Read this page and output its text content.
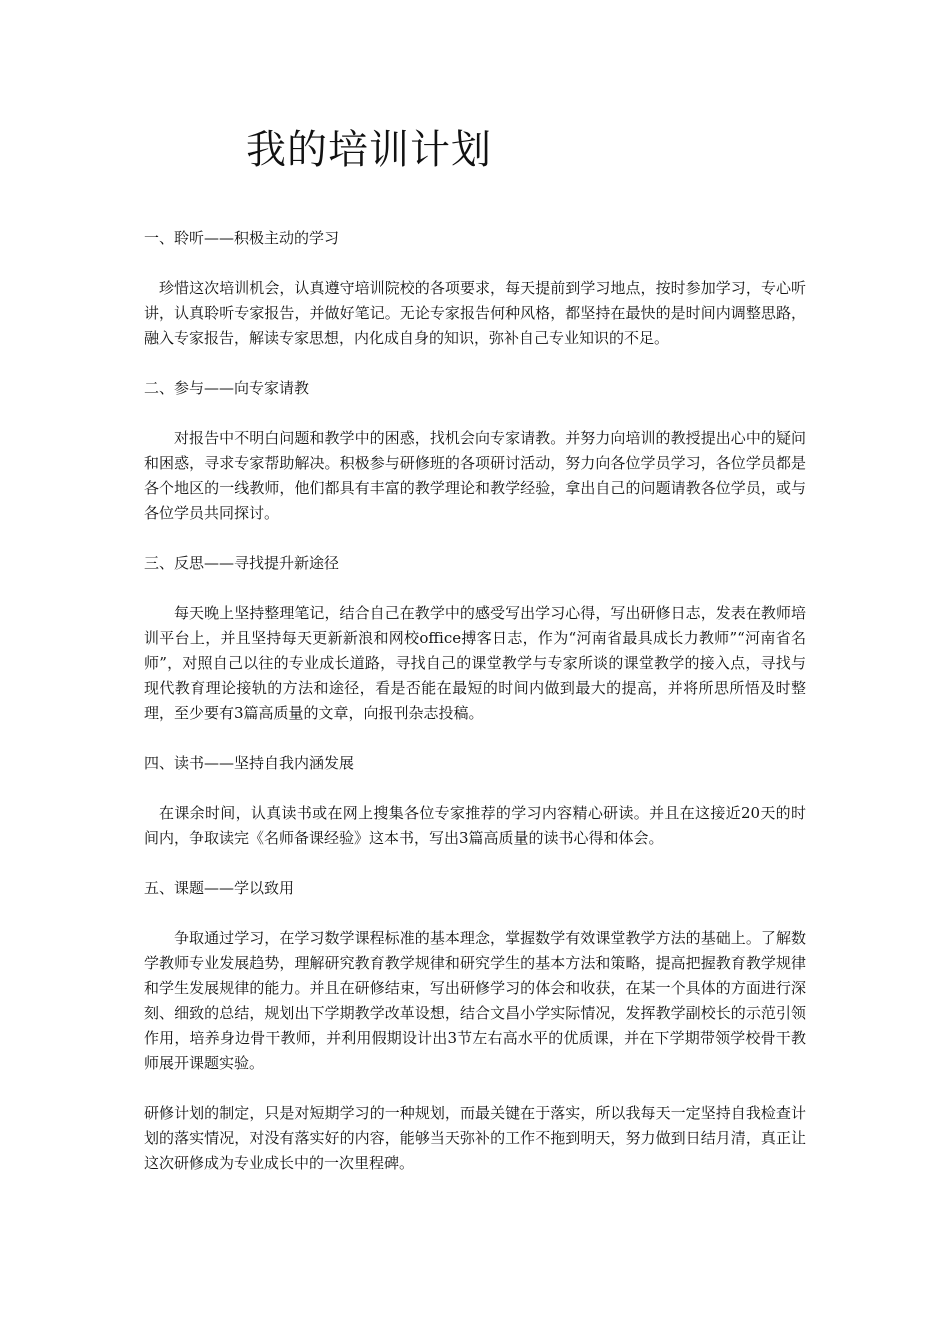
我的培训计划

一、聆听——积极主动的学习

珍惜这次培训机会，认真遵守培训院校的各项要求，每天提前到学习地点，按时参加学习，专心听讲，认真聆听专家报告，并做好笔记。无论专家报告何种风格，都坚持在最快的是时间内调整思路，融入专家报告，解读专家思想，内化成自身的知识，弥补自己专业知识的不足。

二、参与——向专家请教

对报告中不明白问题和教学中的困惑，找机会向专家请教。并努力向培训的教授提出心中的疑问和困惑，寻求专家帮助解决。积极参与研修班的各项研讨活动，努力向各位学员学习，各位学员都是各个地区的一线教师，他们都具有丰富的教学理论和教学经验，拿出自己的问题请教各位学员，或与各位学员共同探讨。

三、反思——寻找提升新途径

每天晚上坚持整理笔记，结合自己在教学中的感受写出学习心得，写出研修日志，发表在教师培训平台上，并且坚持每天更新新浪和网校office搏客日志，作为“河南省最具成长力教师”“河南省名师”，对照自己以往的专业成长道路，寻找自己的课堂教学与专家所谈的课堂教学的接入点，寻找与现代教育理论接轨的方法和途径，看是否能在最短的时间内做到最大的提高，并将所思所悟及时整理，至少要有3篇高质量的文章，向报刊杂志投稿。

四、读书——坚持自我内涵发展

在课余时间，认真读书或在网上搜集各位专家推荐的学习内容精心研读。并且在这接近20天的时间内，争取读完《名师备课经验》这本书，写出3篇高质量的读书心得和体会。

五、课题——学以致用

争取通过学习，在学习数学课程标准的基本理念，掌握数学有效课堂教学方法的基础上。了解数学教师专业发展趋势，理解研究教育教学规律和研究学生的基本方法和策略，提高把握教育教学规律和学生发展规律的能力。并且在研修结束，写出研修学习的体会和收获，在某一个具体的方面进行深刻、细致的总结，规划出下学期教学改革设想，结合文昌小学实际情况，发挥教学副校长的示范引领作用，培养身边骨干教师，并利用假期设计出3节左右高水平的优质课，并在下学期带领学校骨干教师展开课题实验。

研修计划的制定，只是对短期学习的一种规划，而最关键在于落实，所以我每天一定坚持自我检查计划的落实情况，对没有落实好的内容，能够当天弥补的工作不拖到明天，努力做到日结月清，真正让这次研修成为专业成长中的一次里程碑。
